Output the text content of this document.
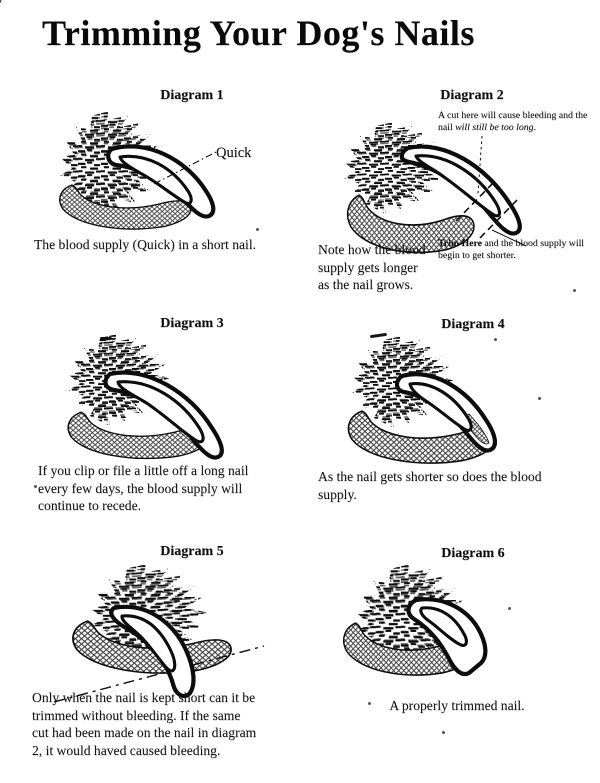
Trimming Your Dog's Nails
Diagram 1
Quick
The blood supply (Quick) in a short nail.
Diagram 2
A cut here will cause bleeding and the nail will still be too long.
Note how the blood
supply gets longer
as the nail grows.
Trim Here and the blood supply will begin to get shorter.
Diagram 3
If you clip or file a little off a long nail
every few days, the blood supply will
continue to recede.
Diagram 4
As the nail gets shorter so does the blood
supply.
Diagram 5
Only when the nail is kept short can it be
trimmed without bleeding. If the same
cut had been made on the nail in diagram
2, it would haved caused bleeding.
Diagram 6
A properly trimmed nail.
